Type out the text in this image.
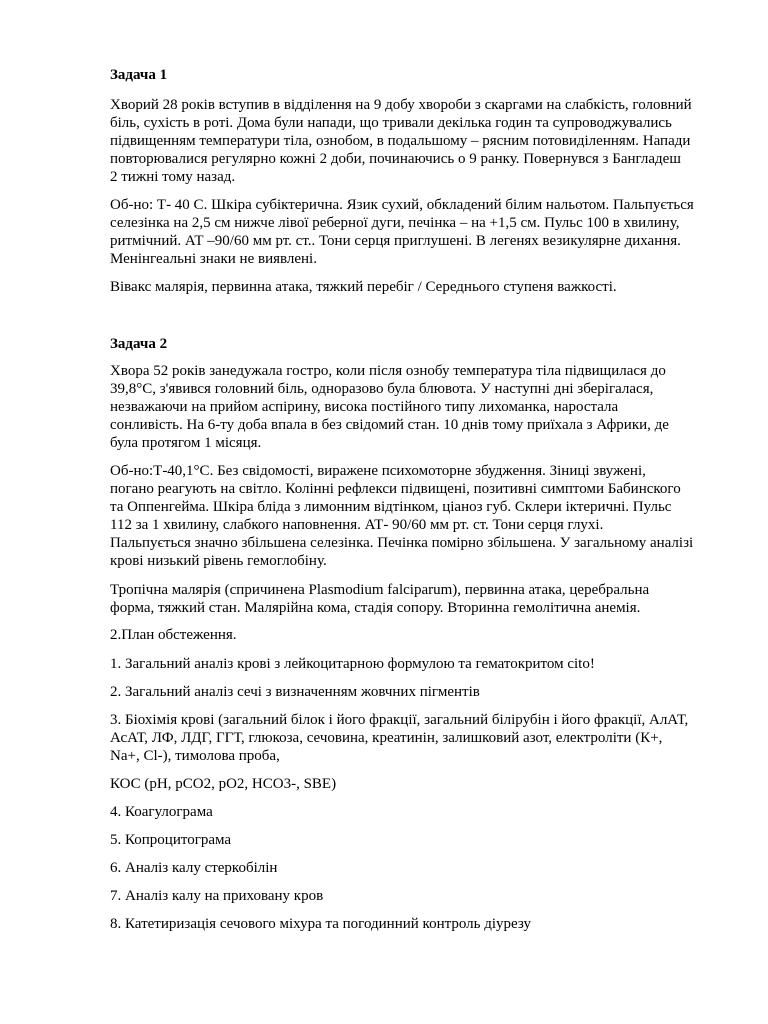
Задача 1

Хворий 28 років вступив в відділення на 9 добу хвороби з скаргами на слабкість, головний

біль, сухість в роті. Дома були напади, що тривали декілька годин та супроводжувались

підвищенням температури тіла, ознобом, в подальшому – рясним потовиділенням. Напади

повторювалися регулярно кожні 2 доби, починаючись о 9 ранку. Повернувся з Бангладеш

2 тижні тому назад.

Об-но: Т- 40 С. Шкіра субіктерична. Язик сухий, обкладений білим нальотом. Пальпується

селезінка на 2,5 см нижче лівої реберної дуги, печінка – на +1,5 см. Пульс 100 в хвилину,

ритмічний. АТ –90/60 мм рт. ст.. Тони серця приглушені. В легенях везикулярне дихання.

Менінгеальні знаки не виявлені.

Вівакс малярія, первинна атака, тяжкий перебіг / Середнього ступеня важкості.

Задача 2

Хвора 52 років занедужала гостро, коли після ознобу температура тіла підвищилася до

39,8°С, з'явився головний біль, одноразово була блювота. У наступні дні зберігалася,

незважаючи на прийом аспірину, висока постійного типу лихоманка, наростала

сонливість. На 6-ту доба впала в без свідомий стан. 10 днів тому приїхала з Африки, де

була протягом 1 місяця.

Об-но:Т-40,1°С. Без свідомості, виражене психомоторне збудження. Зіниці звужені,

погано реагують на світло. Колінні рефлекси підвищені, позитивні симптоми Бабинского

та Оппенгейма. Шкіра бліда з лимонним відтінком, ціаноз губ. Склери іктеричні. Пульс

112 за 1 хвилину, слабкого наповнення. АТ- 90/60 мм рт. ст. Тони серця глухі.

Пальпується значно збільшена селезінка. Печінка помірно збільшена. У загальному аналізі

крові низький рівень гемоглобіну.

Тропічна малярія (спричинена Plasmodium falciparum), первинна атака, церебральна

форма, тяжкий стан. Малярійна кома, стадія сопору. Вторинна гемолітична анемія.

2.План обстеження.

1. Загальний аналіз крові з лейкоцитарною формулою та гематокритом cito!

2. Загальний аналіз сечі з визначенням жовчних пігментів

3. Біохімія крові (загальний білок і його фракції, загальний білірубін і його фракції, АлАТ,

АсАТ, ЛФ, ЛДГ, ГГТ, глюкоза, сечовина, креатинін, залишковий азот, електроліти (К+,

Na+, Cl-), тимолова проба,

КОС (pH, pCO2, pO2, HCO3-, SBE)

4. Коагулограма

5. Копроцитограма

6. Аналіз калу стеркобілін

7. Аналіз калу на приховану кров

8. Катетиризація сечового міхура та погодинний контроль діурезу
